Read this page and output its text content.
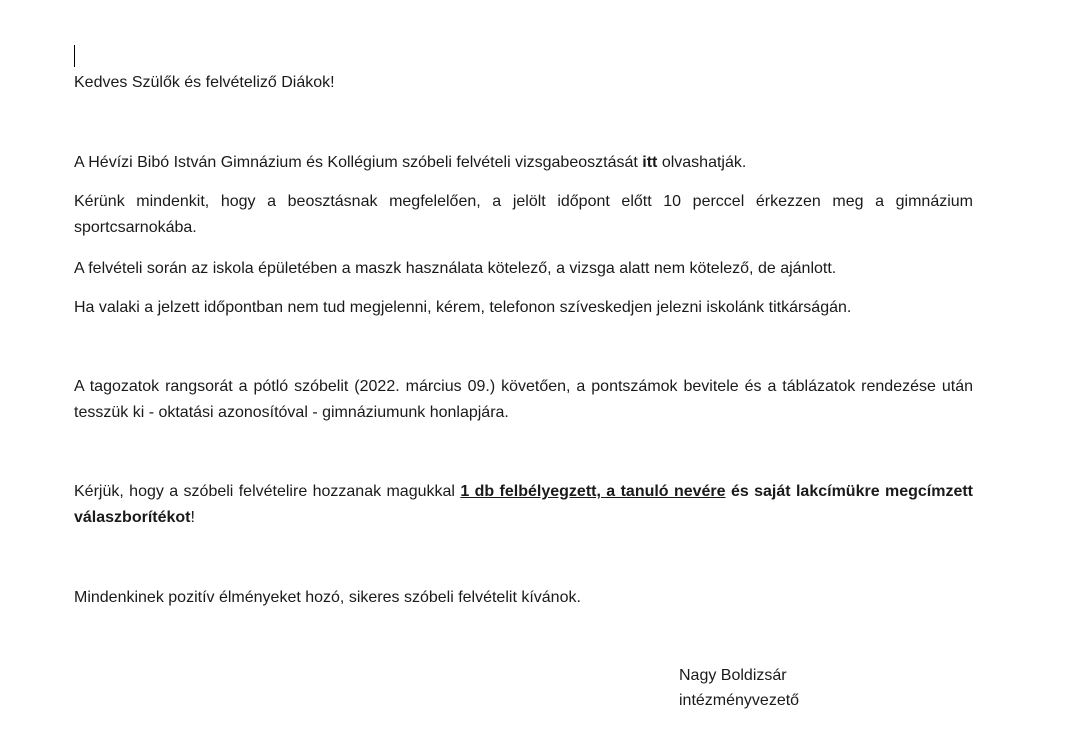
Kedves Szülők és felvételiző Diákok!

A Hévízi Bibó István Gimnázium és Kollégium szóbeli felvételi vizsgabeosztását itt olvashatják.

Kérünk mindenkit, hogy a beosztásnak megfelelően, a jelölt időpont előtt 10 perccel érkezzen meg a gimnázium sportcsarnokába.

A felvételi során az iskola épületében a maszk használata kötelező, a vizsga alatt nem kötelező, de ajánlott.

Ha valaki a jelzett időpontban nem tud megjelenni, kérem, telefonon szíveskedjen jelezni iskolánk titkárságán.

A tagozatok rangsorát a pótló szóbelit (2022. március 09.) követően, a pontszámok bevitele és a táblázatok rendezése után tesszük ki - oktatási azonosítóval - gimnáziumunk honlapjára.

Kérjük, hogy a szóbeli felvételire hozzanak magukkal 1 db felbélyegzett, a tanuló nevére és saját lakcímükre megcímzett válaszborítékot!

Mindenkinek pozitív élményeket hozó, sikeres szóbeli felvételit kívánok.

Nagy Boldizsár

intézményvezető
